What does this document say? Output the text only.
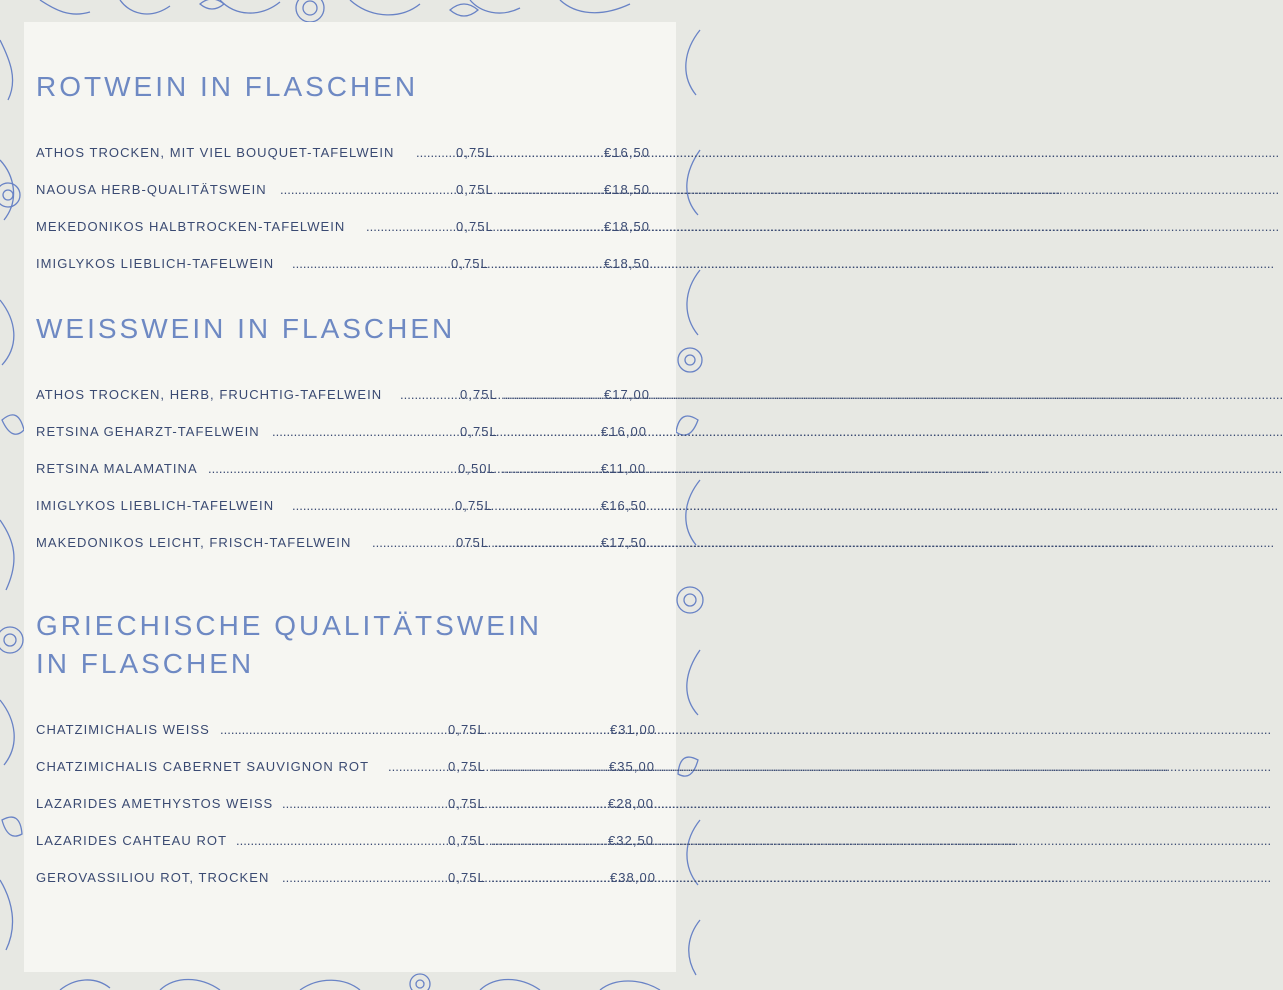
ROTWEIN IN FLASCHEN
ATHOS TROCKEN, MIT VIEL BOUQUET-TAFELWEIN .....	0,75L .....	€16,50
NAOUSA HERB-QUALITÄTSWEIN .....	0,75L .....	€18,50
MEKEDONIKOS HALBTROCKEN-TAFELWEIN .....	0,75L .....	€18,50
IMIGLYKOS LIEBLICH-TAFELWEIN .....	0,75L .....	€18,50
WEISSWEIN IN FLASCHEN
ATHOS TROCKEN, HERB, FRUCHTIG-TAFELWEIN .....	0,75L .....	€17,00
RETSINA GEHARZT-TAFELWEIN .....	0,75L .....	€16,00
RETSINA MALAMATINA .....	0,50L .....	€11,00
IMIGLYKOS LIEBLICH-TAFELWEIN .....	0,75L .....	€16,50
MAKEDONIKOS LEICHT, FRISCH-TAFELWEIN .....	075L .....	€17,50
GRIECHISCHE QUALITÄTSWEIN
IN FLASCHEN
CHATZIMICHALIS WEISS .....	0,75L .....	€31,00
CHATZIMICHALIS CABERNET SAUVIGNON ROT .....	0,75L .....	€35,00
LAZARIDES AMETHYSTOS WEISS .....	0,75L .....	€28,00
LAZARIDES CAHTEAU ROT .....	0,75L .....	€32,50
GEROVASSILIOU ROT, TROCKEN .....	0,75L .....	€38,00
